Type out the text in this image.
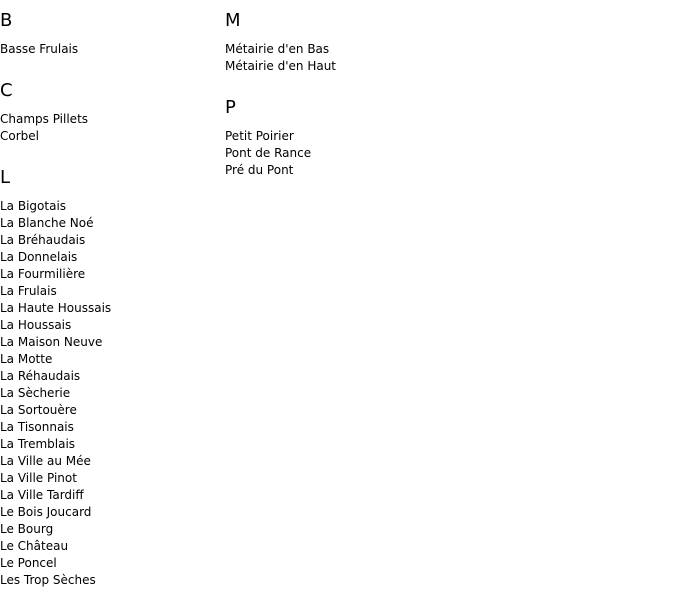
B
Basse Frulais
C
Champs Pillets
Corbel
L
La Bigotais
La Blanche Noé
La Bréhaudais
La Donnelais
La Fourmilière
La Frulais
La Haute Houssais
La Houssais
La Maison Neuve
La Motte
La Réhaudais
La Sècherie
La Sortouère
La Tisonnais
La Tremblais
La Ville au Mée
La Ville Pinot
La Ville Tardiff
Le Bois Joucard
Le Bourg
Le Château
Le Poncel
Les Trop Sèches
M
Métairie d'en Bas
Métairie d'en Haut
P
Petit Poirier
Pont de Rance
Pré du Pont
